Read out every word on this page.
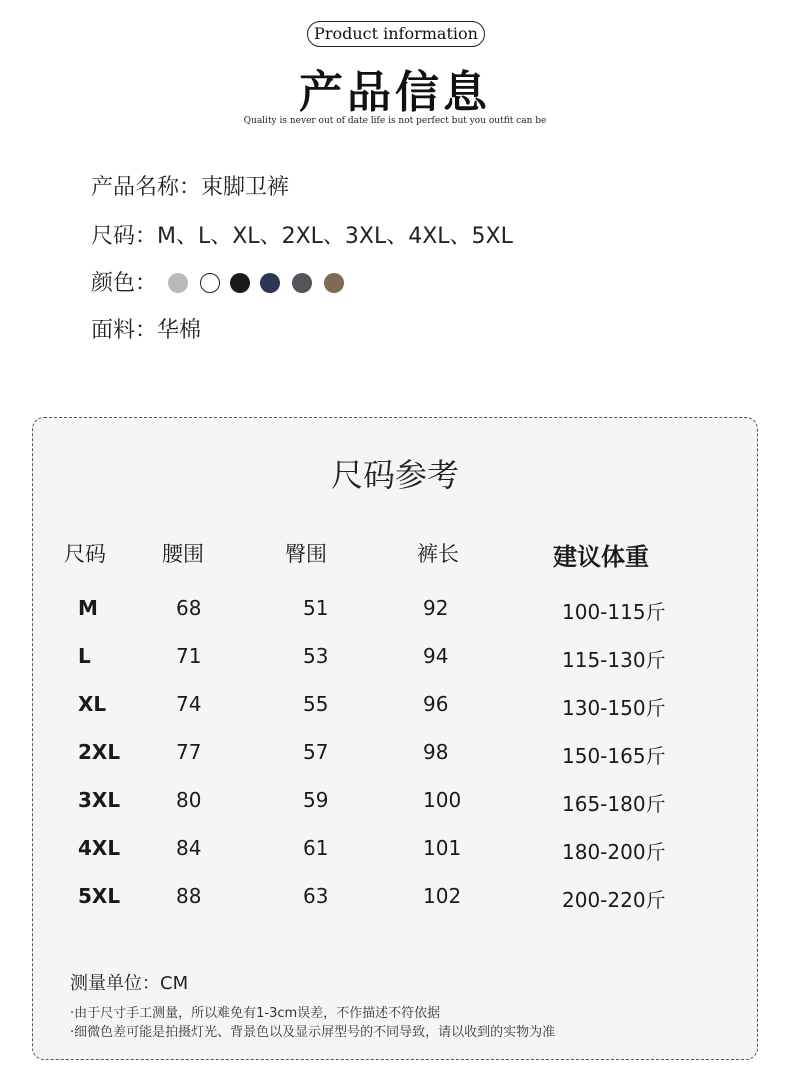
Product information
产品信息
Quality is never out of date life is not perfect but you outfit can be
产品名称：束脚卫裤
尺码：M、L、XL、2XL、3XL、4XL、5XL
颜色：
面料：华棉
尺码参考
尺码	腰围	臀围	裤长	建议体重
M	68	51	92	100-115斤
L	71	53	94	115-130斤
XL	74	55	96	130-150斤
2XL	77	57	98	150-165斤
3XL	80	59	100	165-180斤
4XL	84	61	101	180-200斤
5XL	88	63	102	200-220斤
测量单位：CM
·由于尺寸手工测量，所以难免有1-3cm误差，不作描述不符依据
·细微色差可能是拍摄灯光、背景色以及显示屏型号的不同导致，请以收到的实物为准
